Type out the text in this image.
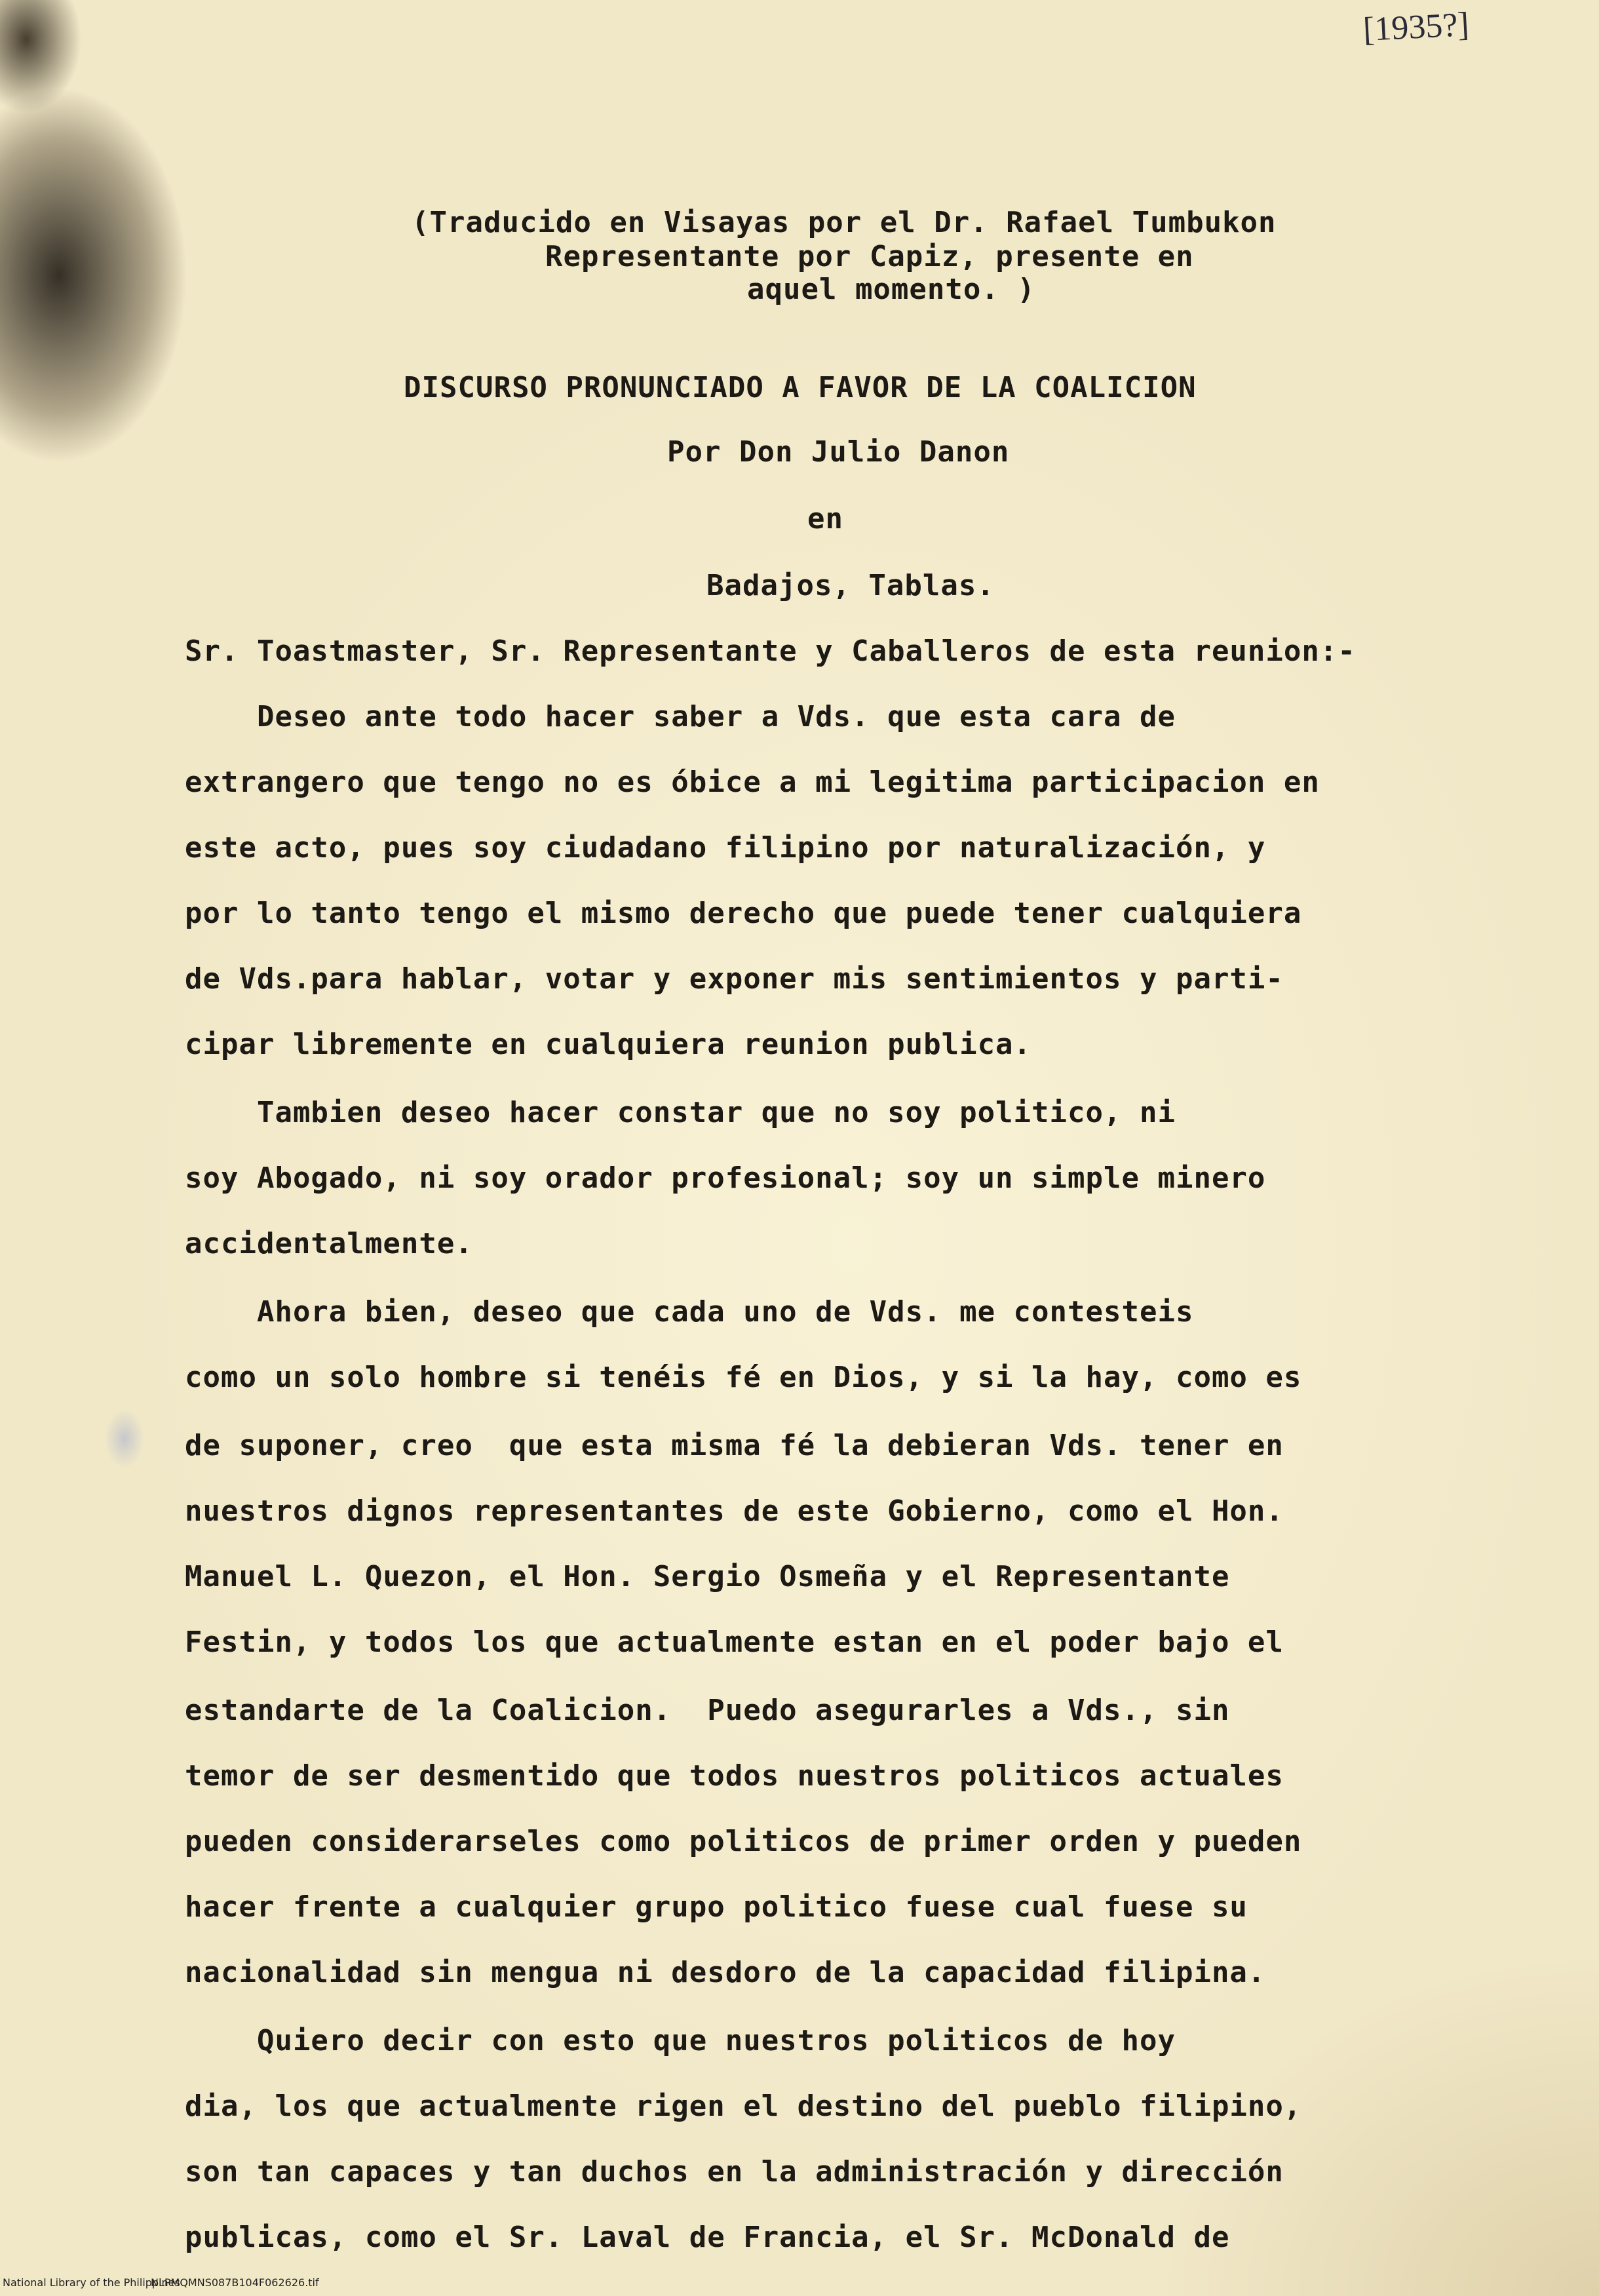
[1935?]
(Traducido en Visayas por el Dr. Rafael Tumbukon
Representante por Capiz, presente en
aquel momento. )
DISCURSO PRONUNCIADO A FAVOR DE LA COALICION
Por Don Julio Danon
en
Badajos, Tablas.
Sr. Toastmaster, Sr. Representante y Caballeros de esta reunion:-
Deseo ante todo hacer saber a Vds. que esta cara de
extrangero que tengo no es óbice a mi legitima participacion en
este acto, pues soy ciudadano filipino por naturalización, y
por lo tanto tengo el mismo derecho que puede tener cualquiera
de Vds.para hablar, votar y exponer mis sentimientos y parti-
cipar libremente en cualquiera reunion publica.
Tambien deseo hacer constar que no soy politico, ni
soy Abogado, ni soy orador profesional; soy un simple minero
accidentalmente.
Ahora bien, deseo que cada uno de Vds. me contesteis
como un solo hombre si tenéis fé en Dios, y si la hay, como es
de suponer, creo  que esta misma fé la debieran Vds. tener en
nuestros dignos representantes de este Gobierno, como el Hon.
Manuel L. Quezon, el Hon. Sergio Osmeña y el Representante
Festin, y todos los que actualmente estan en el poder bajo el
estandarte de la Coalicion.  Puedo asegurarles a Vds., sin
temor de ser desmentido que todos nuestros politicos actuales
pueden considerarseles como politicos de primer orden y pueden
hacer frente a cualquier grupo politico fuese cual fuese su
nacionalidad sin mengua ni desdoro de la capacidad filipina.
Quiero decir con esto que nuestros politicos de hoy
dia, los que actualmente rigen el destino del pueblo filipino,
son tan capaces y tan duchos en la administración y dirección
publicas, como el Sr. Laval de Francia, el Sr. McDonald de
National Library of the Philippines
NLPMQMNS087B104F062626.tif
